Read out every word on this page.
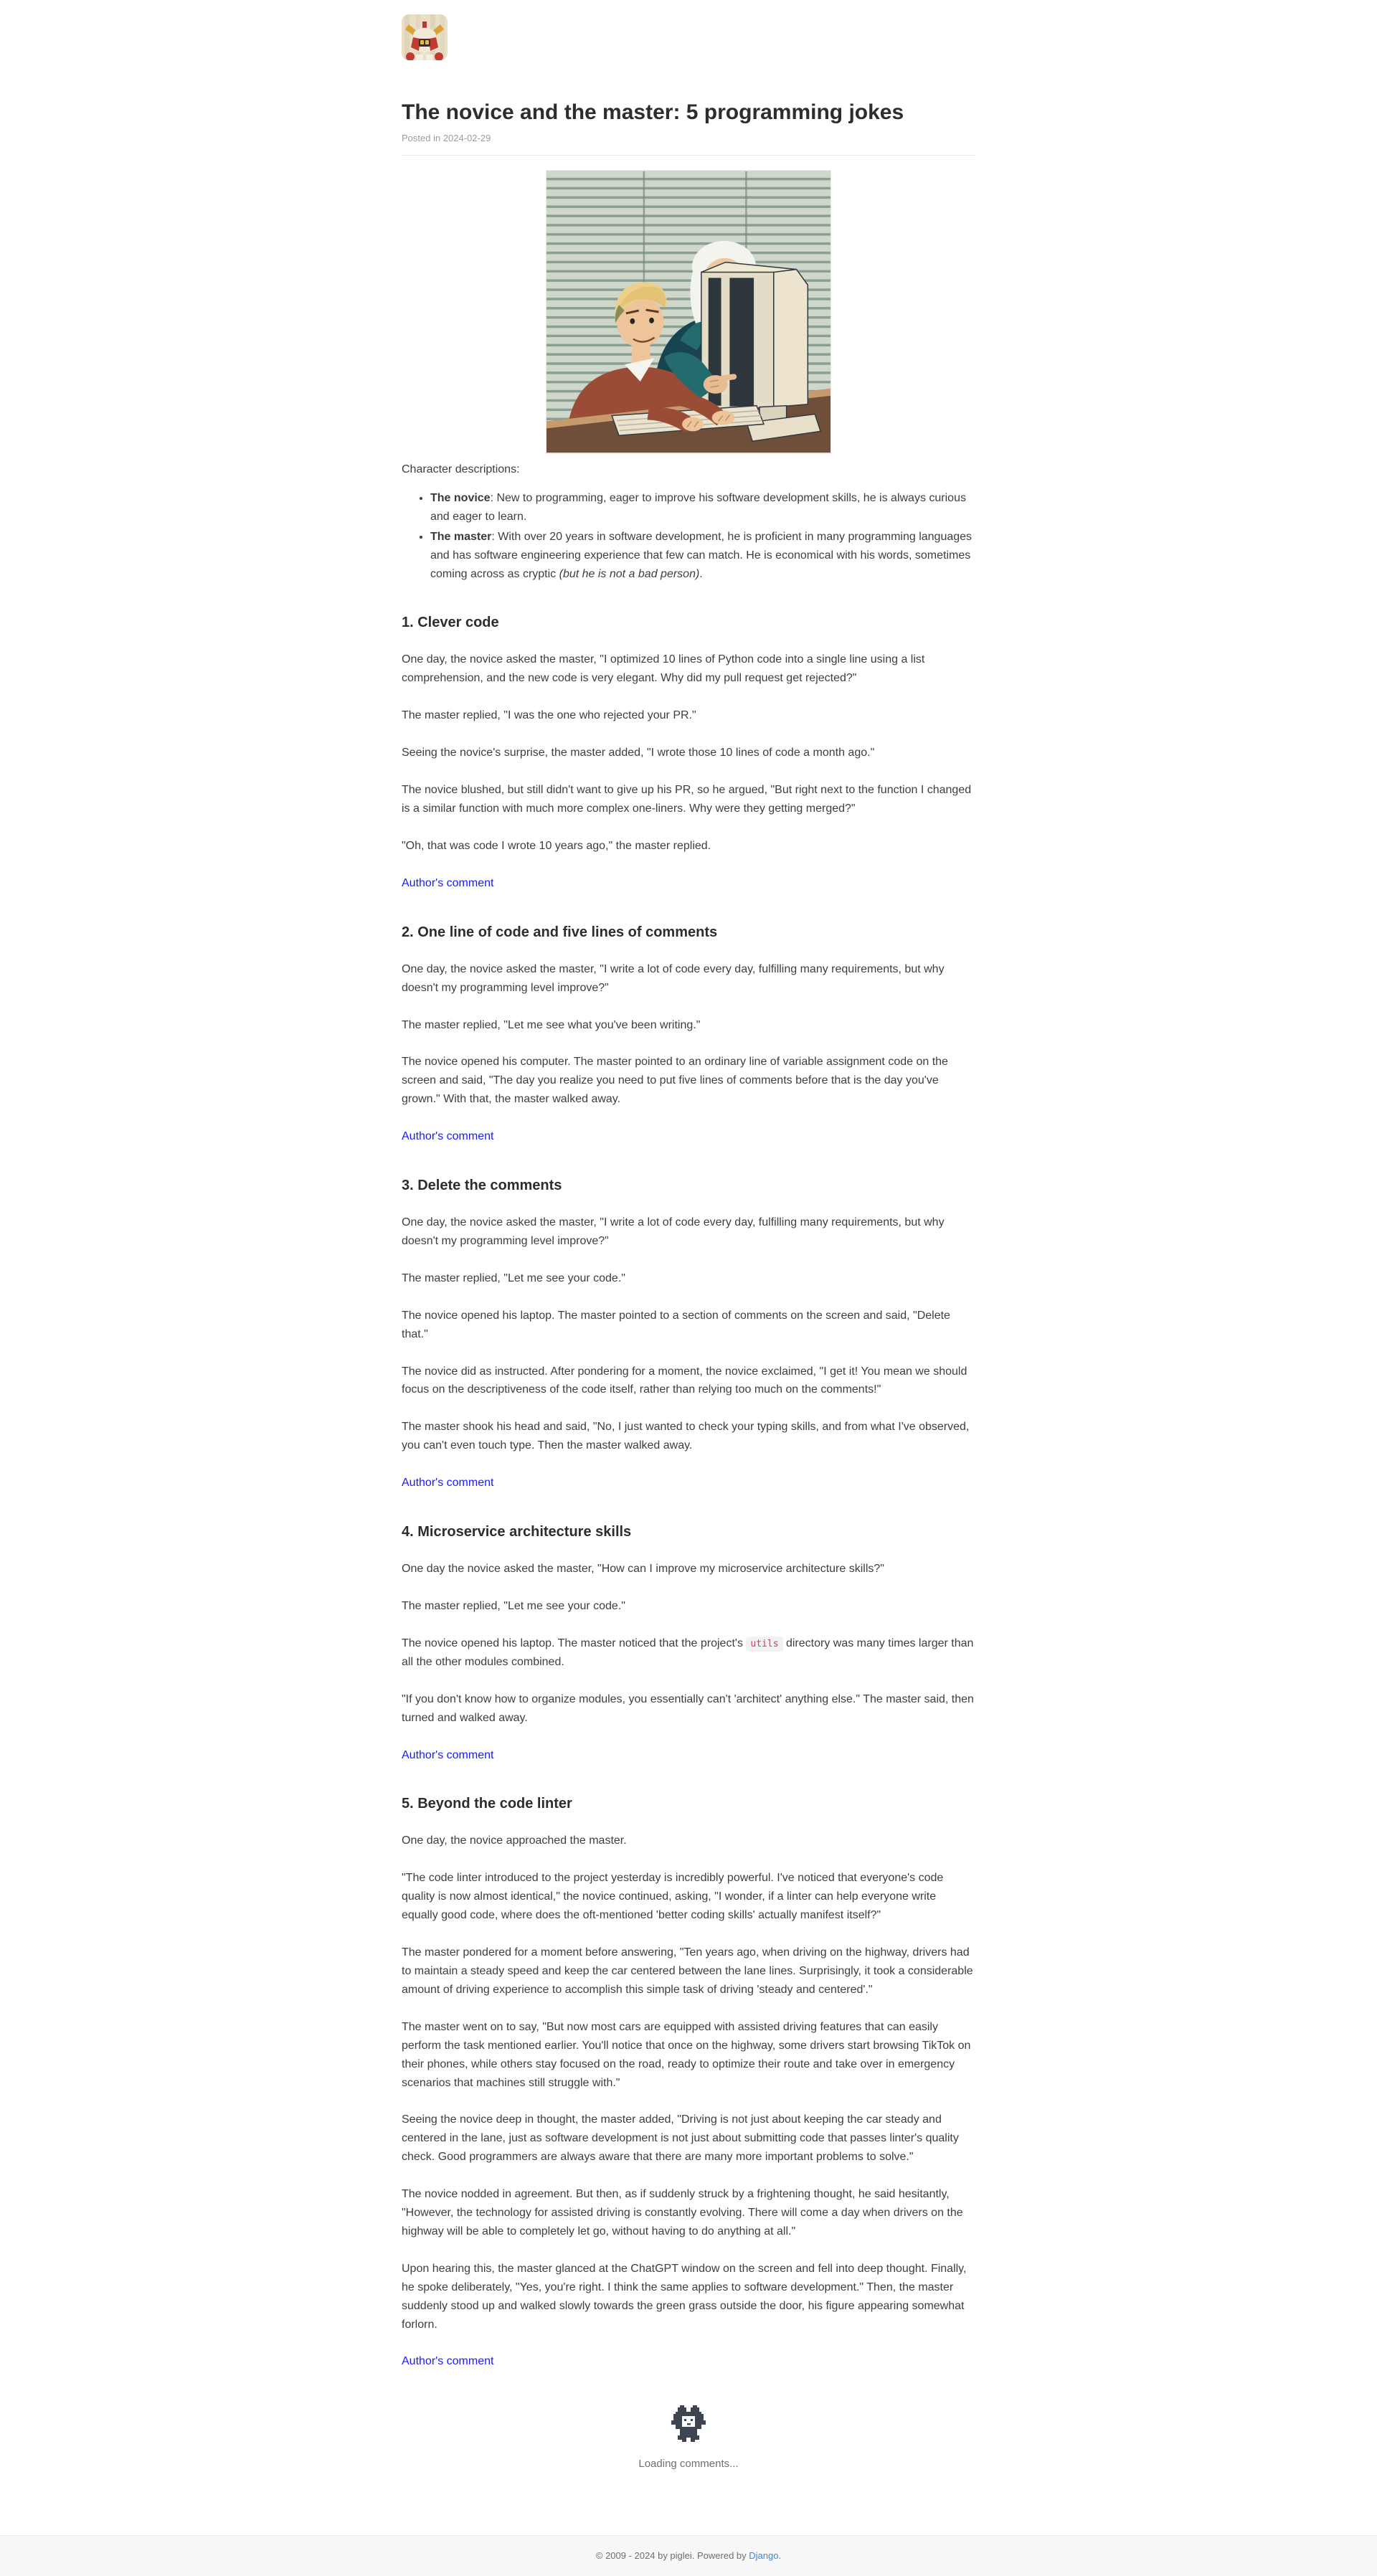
The novice and the master: 5 programming jokes
Posted in 2024-02-29

Character descriptions:

• The novice: New to programming, eager to improve his software development skills, he is always curious and eager to learn.
• The master: With over 20 years in software development, he is proficient in many programming languages and has software engineering experience that few can match. He is economical with his words, sometimes coming across as cryptic (but he is not a bad person).
1. Clever code

One day, the novice asked the master, "I optimized 10 lines of Python code into a single line using a list comprehension, and the new code is very elegant. Why did my pull request get rejected?"

The master replied, "I was the one who rejected your PR."

Seeing the novice's surprise, the master added, "I wrote those 10 lines of code a month ago."

The novice blushed, but still didn't want to give up his PR, so he argued, "But right next to the function I changed is a similar function with much more complex one-liners. Why were they getting merged?"

"Oh, that was code I wrote 10 years ago," the master replied.

Author's comment

2. One line of code and five lines of comments

One day, the novice asked the master, "I write a lot of code every day, fulfilling many requirements, but why doesn't my programming level improve?"

The master replied, "Let me see what you've been writing."

The novice opened his computer. The master pointed to an ordinary line of variable assignment code on the screen and said, "The day you realize you need to put five lines of comments before that is the day you've grown." With that, the master walked away.

Author's comment

3. Delete the comments

One day, the novice asked the master, "I write a lot of code every day, fulfilling many requirements, but why doesn't my programming level improve?"

The master replied, "Let me see your code."

The novice opened his laptop. The master pointed to a section of comments on the screen and said, "Delete that."

The novice did as instructed. After pondering for a moment, the novice exclaimed, "I get it! You mean we should focus on the descriptiveness of the code itself, rather than relying too much on the comments!"

The master shook his head and said, "No, I just wanted to check your typing skills, and from what I've observed, you can't even touch type. Then the master walked away.

Author's comment

4. Microservice architecture skills

One day the novice asked the master, "How can I improve my microservice architecture skills?"

The master replied, "Let me see your code."

The novice opened his laptop. The master noticed that the project's utils directory was many times larger than all the other modules combined.

"If you don't know how to organize modules, you essentially can't 'architect' anything else." The master said, then turned and walked away.

Author's comment

5. Beyond the code linter

One day, the novice approached the master.

"The code linter introduced to the project yesterday is incredibly powerful. I've noticed that everyone's code quality is now almost identical," the novice continued, asking, "I wonder, if a linter can help everyone write equally good code, where does the oft-mentioned 'better coding skills' actually manifest itself?"

The master pondered for a moment before answering, "Ten years ago, when driving on the highway, drivers had to maintain a steady speed and keep the car centered between the lane lines. Surprisingly, it took a considerable amount of driving experience to accomplish this simple task of driving 'steady and centered'."

The master went on to say, "But now most cars are equipped with assisted driving features that can easily perform the task mentioned earlier. You'll notice that once on the highway, some drivers start browsing TikTok on their phones, while others stay focused on the road, ready to optimize their route and take over in emergency scenarios that machines still struggle with."

Seeing the novice deep in thought, the master added, "Driving is not just about keeping the car steady and centered in the lane, just as software development is not just about submitting code that passes linter's quality check. Good programmers are always aware that there are many more important problems to solve."

The novice nodded in agreement. But then, as if suddenly struck by a frightening thought, he said hesitantly, "However, the technology for assisted driving is constantly evolving. There will come a day when drivers on the highway will be able to completely let go, without having to do anything at all."

Upon hearing this, the master glanced at the ChatGPT window on the screen and fell into deep thought. Finally, he spoke deliberately, "Yes, you're right. I think the same applies to software development." Then, the master suddenly stood up and walked slowly towards the green grass outside the door, his figure appearing somewhat forlorn.

Author's comment

Loading comments...

© 2009 - 2024 by piglei. Powered by Django.
